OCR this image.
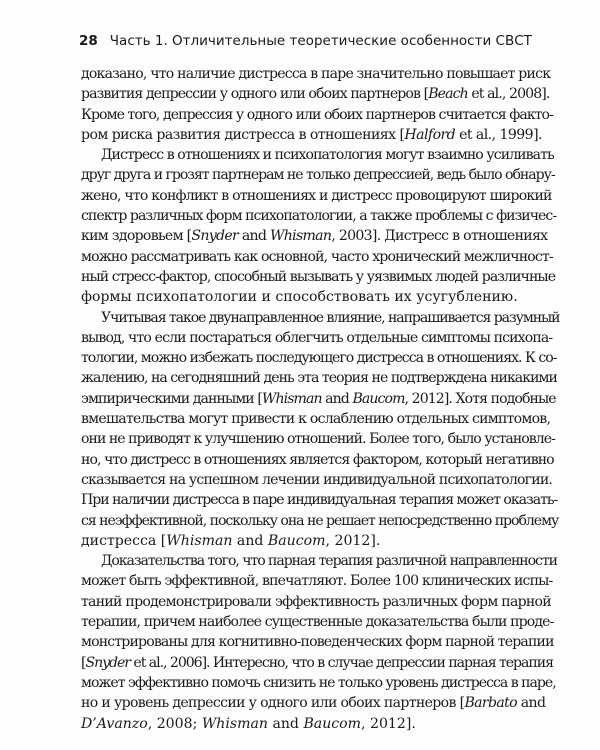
28 Часть 1. Отличительные теоретические особенности СВСТ

доказано, что наличие дистресса в паре значительно повышает риск
развития депрессии у одного или обоих партнеров [Beach et al., 2008].
Кроме того, депрессия у одного или обоих партнеров считается факто-
ром риска развития дистресса в отношениях [Halford et al., 1999].

Дистресс в отношениях и психопатология могут взаимно усиливать
друг друга и грозят партнерам не только депрессией, ведь было обнару-
жено, что конфликт в отношениях и дистресс провоцируют широкий
спектр различных форм психопатологии, а также проблемы с физичес-
ким здоровьем [Snyder and Whisman, 2003]. Дистресс в отношениях
можно рассматривать как основной, часто хронический межличност-
ный стресс-фактор, способный вызывать у уязвимых людей различные
формы психопатологии и способствовать их усугублению.

Учитывая такое двунаправленное влияние, напрашивается разумный
вывод, что если постараться облегчить отдельные симптомы психопа-
тологии, можно избежать последующего дистресса в отношениях. К со-
жалению, на сегодняшний день эта теория не подтверждена никакими
эмпирическими данными [Whisman and Baucom, 2012]. Хотя подобные
вмешательства могут привести к ослаблению отдельных симптомов,
они не приводят к улучшению отношений. Более того, было установле-
но, что дистресс в отношениях является фактором, который негативно
сказывается на успешном лечении индивидуальной психопатологии.
При наличии дистресса в паре индивидуальная терапия может оказать-
ся неэффективной, поскольку она не решает непосредственно проблему
дистресса [Whisman and Baucom, 2012].

Доказательства того, что парная терапия различной направленности
может быть эффективной, впечатляют. Более 100 клинических испы-
таний продемонстрировали эффективность различных форм парной
терапии, причем наиболее существенные доказательства были проде-
монстрированы для когнитивно-поведенческих форм парной терапии
[Snyder et al., 2006]. Интересно, что в случае депрессии парная терапия
может эффективно помочь снизить не только уровень дистресса в паре,
но и уровень депрессии у одного или обоих партнеров [Barbato and
D’Avanzo, 2008; Whisman and Baucom, 2012].
